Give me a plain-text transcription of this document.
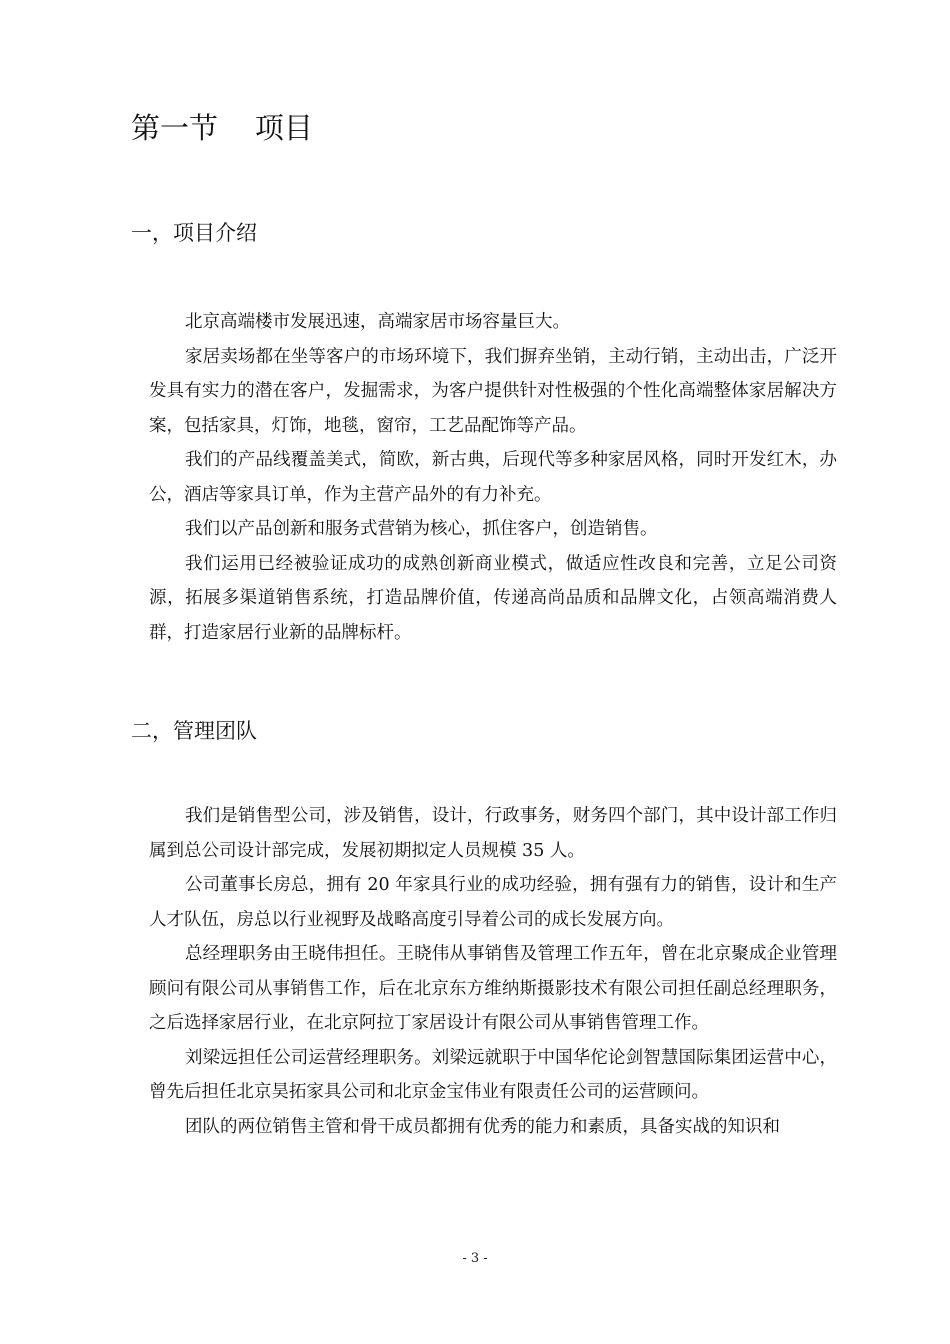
第一节    项目
一，项目介绍

北京高端楼市发展迅速，高端家居市场容量巨大。

家居卖场都在坐等客户的市场环境下，我们摒弃坐销，主动行销，主动出击，广泛开发具有实力的潜在客户，发掘需求，为客户提供针对性极强的个性化高端整体家居解决方案，包括家具，灯饰，地毯，窗帘，工艺品配饰等产品。

我们的产品线覆盖美式，简欧，新古典，后现代等多种家居风格，同时开发红木，办公，酒店等家具订单，作为主营产品外的有力补充。

我们以产品创新和服务式营销为核心，抓住客户，创造销售。

我们运用已经被验证成功的成熟创新商业模式，做适应性改良和完善，立足公司资源，拓展多渠道销售系统，打造品牌价值，传递高尚品质和品牌文化，占领高端消费人群，打造家居行业新的品牌标杆。

二，管理团队

我们是销售型公司，涉及销售，设计，行政事务，财务四个部门，其中设计部工作归属到总公司设计部完成，发展初期拟定人员规模 35 人。

公司董事长房总，拥有 20 年家具行业的成功经验，拥有强有力的销售，设计和生产人才队伍，房总以行业视野及战略高度引导着公司的成长发展方向。

总经理职务由王晓伟担任。王晓伟从事销售及管理工作五年，曾在北京聚成企业管理顾问有限公司从事销售工作，后在北京东方维纳斯摄影技术有限公司担任副总经理职务，之后选择家居行业，在北京阿拉丁家居设计有限公司从事销售管理工作。

刘梁远担任公司运营经理职务。刘梁远就职于中国华佗论剑智慧国际集团运营中心，曾先后担任北京昊拓家具公司和北京金宝伟业有限责任公司的运营顾问。

团队的两位销售主管和骨干成员都拥有优秀的能力和素质，具备实战的知识和

- 3 -
